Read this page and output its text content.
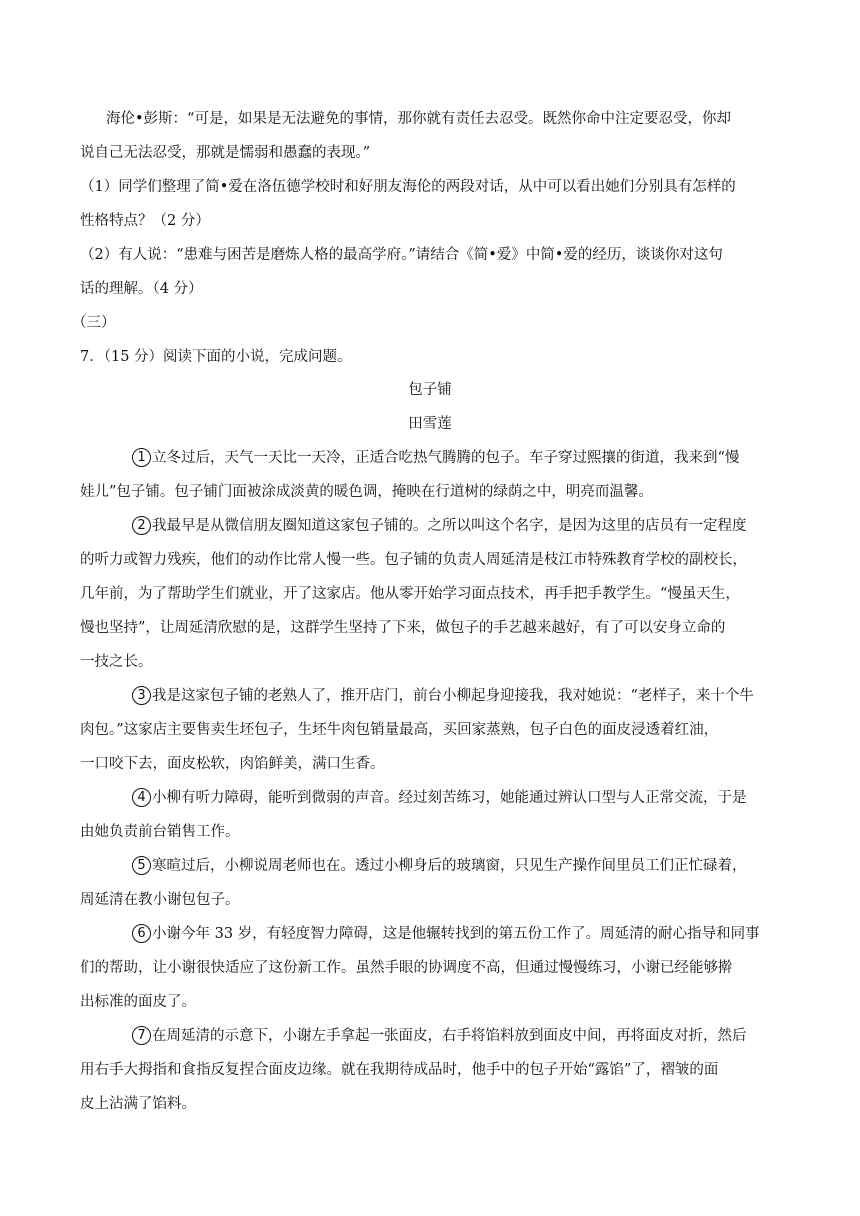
海伦•彭斯：“可是，如果是无法避免的事情，那你就有责任去忍受。既然你命中注定要忍受，你却
说自己无法忍受，那就是懦弱和愚蠢的表现。”
（1）同学们整理了简•爱在洛伍德学校时和好朋友海伦的两段对话，从中可以看出她们分别具有怎样的
性格特点？（2 分）
（2）有人说：“患难与困苦是磨炼人格的最高学府。”请结合《简•爱》中简•爱的经历，谈谈你对这句
话的理解。（4 分）
（三）
7．（15 分）阅读下面的小说，完成问题。
包子铺
田雪莲
1 立冬过后，天气一天比一天冷，正适合吃热气腾腾的包子。车子穿过熙攘的街道，我来到“慢
娃儿”包子铺。包子铺门面被涂成淡黄的暖色调，掩映在行道树的绿荫之中，明亮而温馨。
2 我最早是从微信朋友圈知道这家包子铺的。之所以叫这个名字，是因为这里的店员有一定程度
的听力或智力残疾，他们的动作比常人慢一些。包子铺的负责人周延清是枝江市特殊教育学校的副校长，
几年前，为了帮助学生们就业，开了这家店。他从零开始学习面点技术，再手把手教学生。“慢虽天生，
慢也坚持”，让周延清欣慰的是，这群学生坚持了下来，做包子的手艺越来越好，有了可以安身立命的
一技之长。
3 我是这家包子铺的老熟人了，推开店门，前台小柳起身迎接我，我对她说：“老样子，来十个牛
肉包。”这家店主要售卖生坯包子，生坯牛肉包销量最高，买回家蒸熟，包子白色的面皮浸透着红油，
一口咬下去，面皮松软，肉馅鲜美，满口生香。
4 小柳有听力障碍，能听到微弱的声音。经过刻苦练习，她能通过辨认口型与人正常交流，于是
由她负责前台销售工作。
5 寒暄过后，小柳说周老师也在。透过小柳身后的玻璃窗，只见生产操作间里员工们正忙碌着，
周延清在教小谢包包子。
6 小谢今年 33 岁，有轻度智力障碍，这是他辗转找到的第五份工作了。周延清的耐心指导和同事
们的帮助，让小谢很快适应了这份新工作。虽然手眼的协调度不高，但通过慢慢练习，小谢已经能够擀
出标准的面皮了。
7 在周延清的示意下，小谢左手拿起一张面皮，右手将馅料放到面皮中间，再将面皮对折，然后
用右手大拇指和食指反复捏合面皮边缘。就在我期待成品时，他手中的包子开始“露馅”了，褶皱的面
皮上沾满了馅料。
